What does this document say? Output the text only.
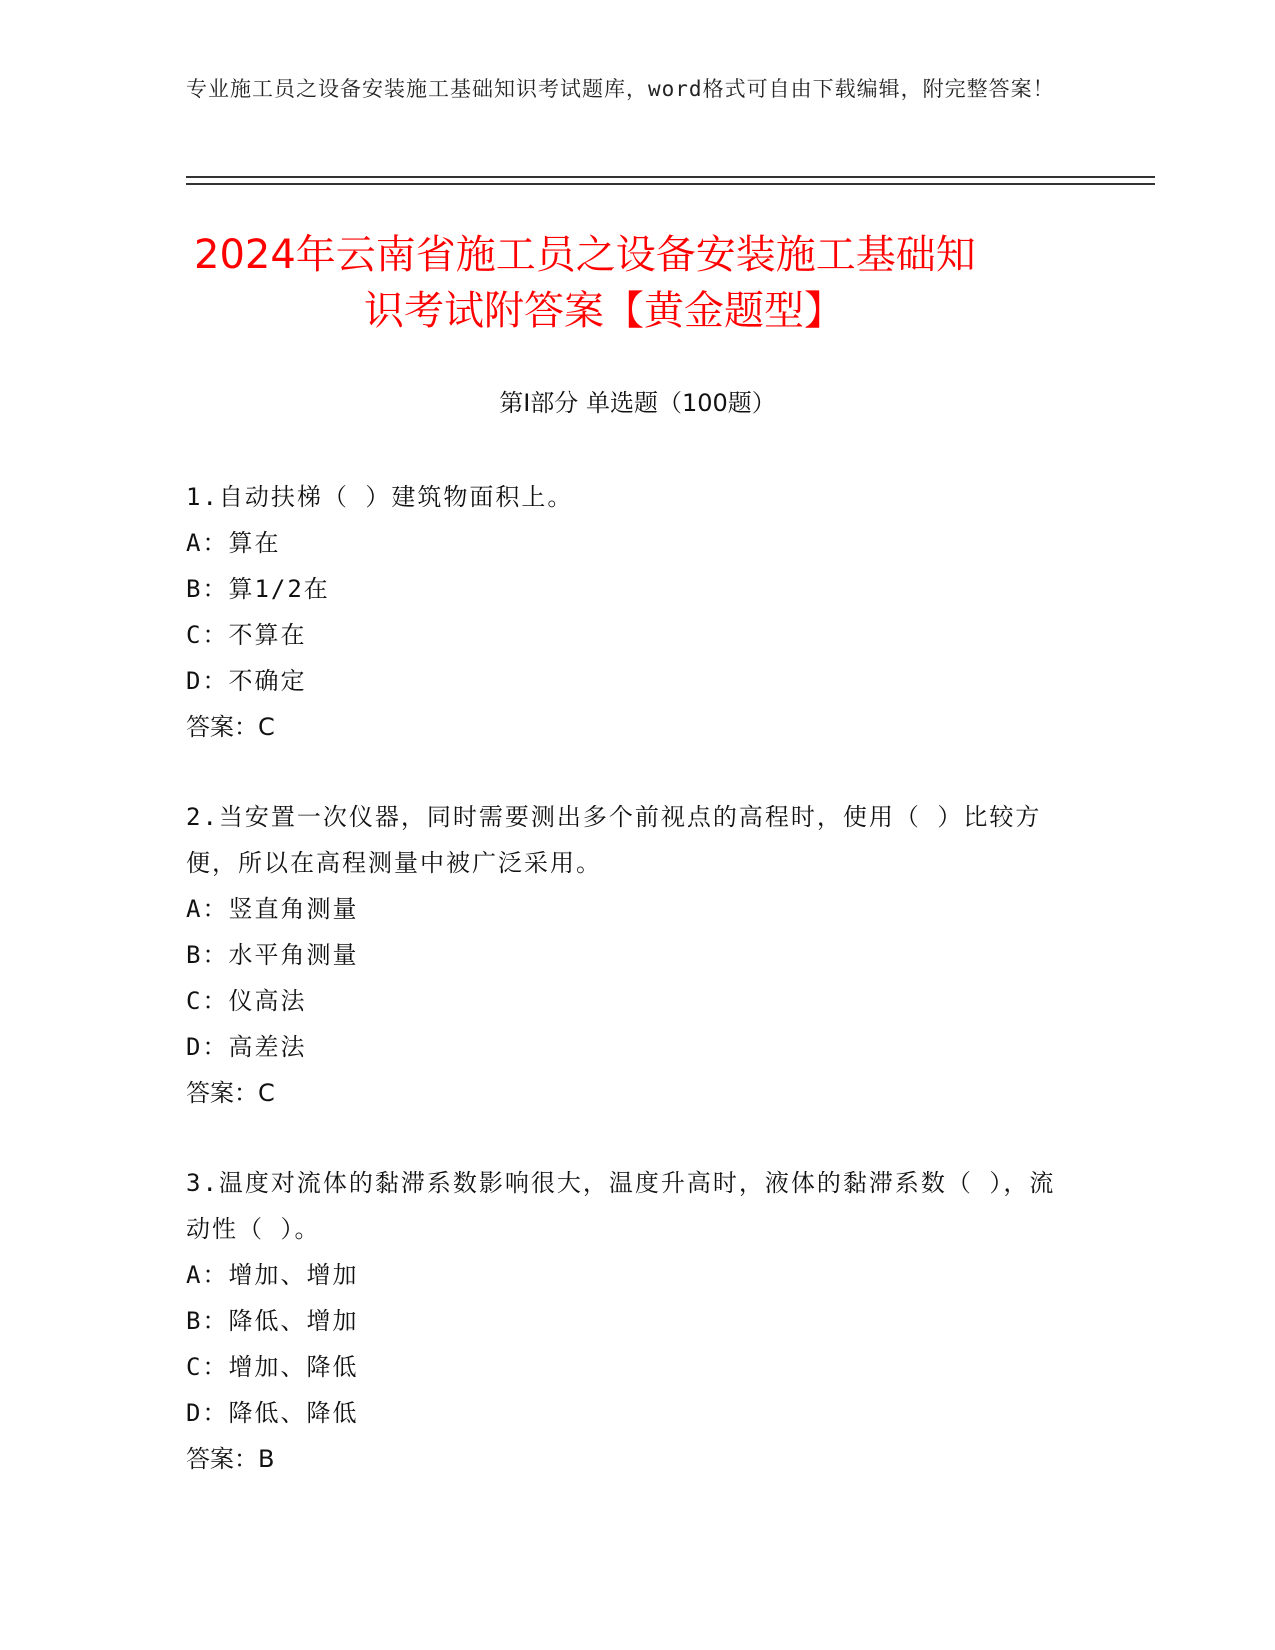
专业施工员之设备安装施工基础知识考试题库，word格式可自由下载编辑，附完整答案！
2024年云南省施工员之设备安装施工基础知
识考试附答案【黄金题型】
第I部分 单选题（100题）

1.自动扶梯（ ）建筑物面积上。

A：算在

B：算1/2在

C：不算在

D：不确定

答案：C

2.当安置一次仪器，同时需要测出多个前视点的高程时，使用（ ）比较方便，所以在高程测量中被广泛采用。

A：竖直角测量

B：水平角测量

C：仪高法

D：高差法

答案：C

3.温度对流体的黏滞系数影响很大，温度升高时，液体的黏滞系数（ ），流动性（ ）。

A：增加、增加

B：降低、增加

C：增加、降低

D：降低、降低

答案：B
